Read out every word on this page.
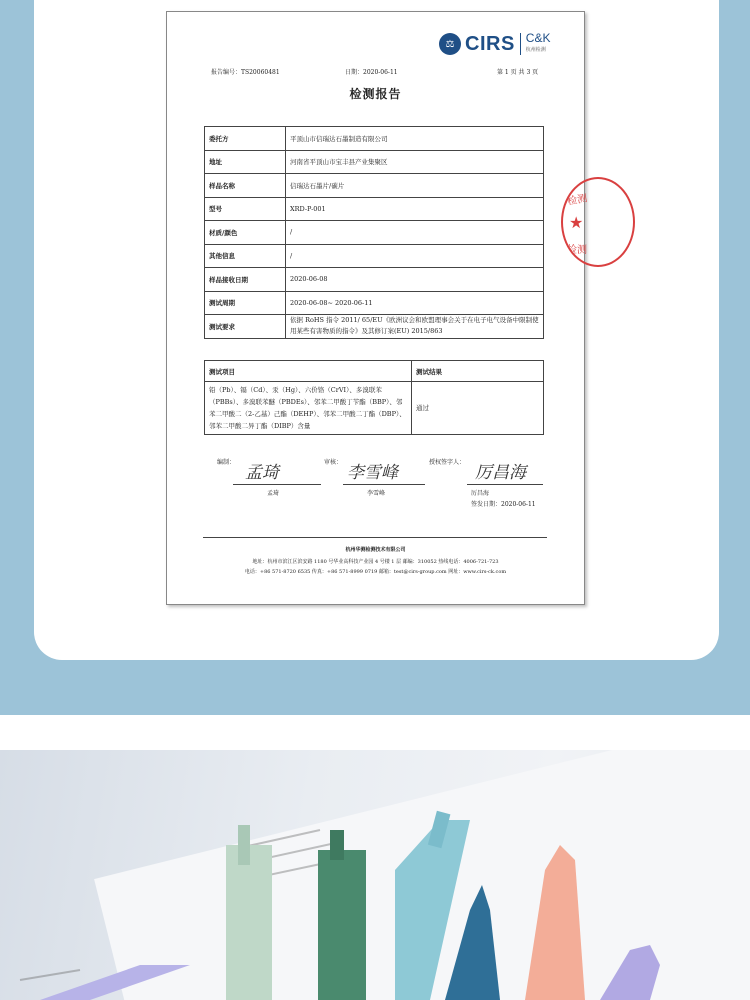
⚖ CIRS C&K
杭州检测
报告编号：TS20060481	日期：2020-06-11	第 1 页 共 3 页
检测报告
委托方	平顶山市信瑞达石墨制造有限公司
地址	河南省平顶山市宝丰县产业集聚区
样品名称	信瑞达石墨片/碳片
型号	XRD-P-001
材质/颜色	/
其他信息	/
样品接收日期	2020-06-08
测试周期	2020-06-08~ 2020-06-11
测试要求	依据 RoHS 指令 2011/ 65/EU《欧洲议会和欧盟理事会关于在电子电气设备中限制使用某些有害物质的指令》及其修订案(EU) 2015/863
测试项目	测试结果
铅（Pb）、镉（Cd）、汞（Hg）、六价铬（CrVI）、多溴联苯（PBBs）、多溴联苯醚（PBDEs）、邻苯二甲酸丁苄酯（BBP）、邻苯二甲酸二（2-乙基）己酯（DEHP）、邻苯二甲酸二丁酯（DBP）、邻苯二甲酸二异丁酯（DIBP）含量	通过
编制：
孟琦
孟琦
审核：
李雪峰
李雪峰
授权签字人：
厉昌海
厉昌海
签发日期：2020-06-11
杭州华测检测技术有限公司
地址：杭州市滨江区滨安路 1180 号华业高科技产业园 4 号楼 1 层 邮编：310052 热线电话：4006-721-723
电话：+86 571-8720 6535 传真：+86 571-8999 0719 邮箱：test@cirs-group.com 网址：www.cirs-ck.com
检测
★
检测
